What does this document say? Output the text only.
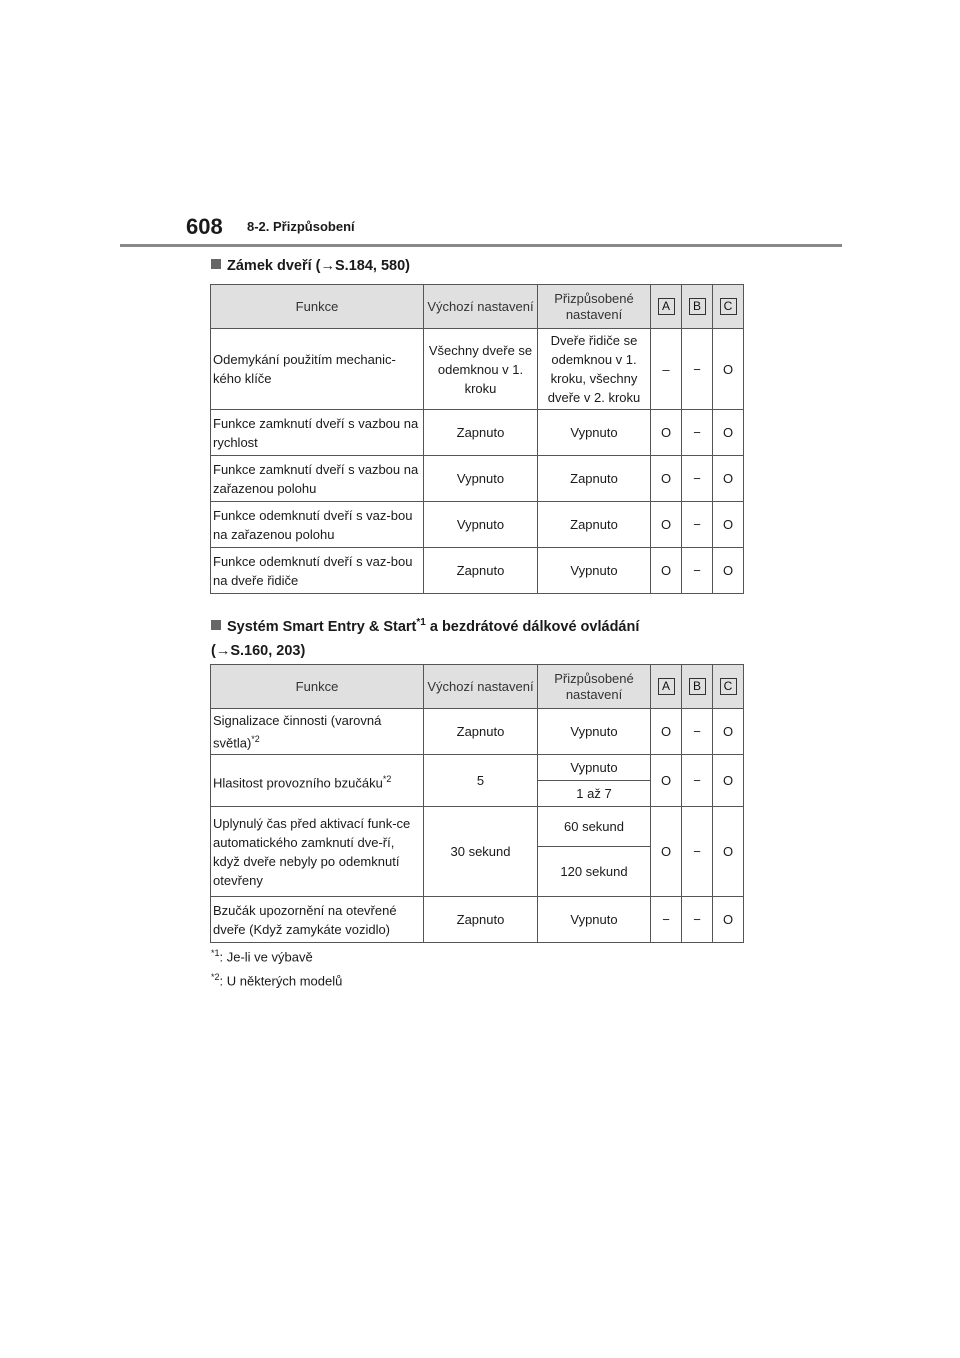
608 8-2. Přizpůsobení
Zámek dveří (→S.184, 580)
Funkce	Výchozí nastavení	Přizpůsobené nastavení	A	B	C
Odemykání použitím mechanic-kého klíče	Všechny dveře se odemknou v 1. kroku	Dveře řidiče se odemknou v 1. kroku, všechny dveře v 2. kroku	–	−	O
Funkce zamknutí dveří s vazbou na rychlost	Zapnuto	Vypnuto	O	−	O
Funkce zamknutí dveří s vazbou na zařazenou polohu	Vypnuto	Zapnuto	O	−	O
Funkce odemknutí dveří s vaz-bou na zařazenou polohu	Vypnuto	Zapnuto	O	−	O
Funkce odemknutí dveří s vaz-bou na dveře řidiče	Zapnuto	Vypnuto	O	−	O
Systém Smart Entry & Start$^{*1}$ a bezdrátové dálkové ovládání
(→S.160, 203)
Funkce	Výchozí nastavení	Přizpůsobené nastavení	A	B	C
Signalizace činnosti (varovná světla)$^{*2}$	Zapnuto	Vypnuto	O	−	O
Hlasitost provozního bzučáku$^{*2}$	5	Vypnuto	O	−	O
		1 až 7			
Uplynulý čas před aktivací funk-ce automatického zamknutí dve-ří, když dveře nebyly po odemknutí otevřeny	30 sekund	60 sekund	O	−	O
		120 sekund			
Bzučák upozornění na otevřené dveře (Když zamykáte vozidlo)	Zapnuto	Vypnuto	−	−	O
$^{*1}$: Je-li ve výbavě
$^{*2}$: U některých modelů
